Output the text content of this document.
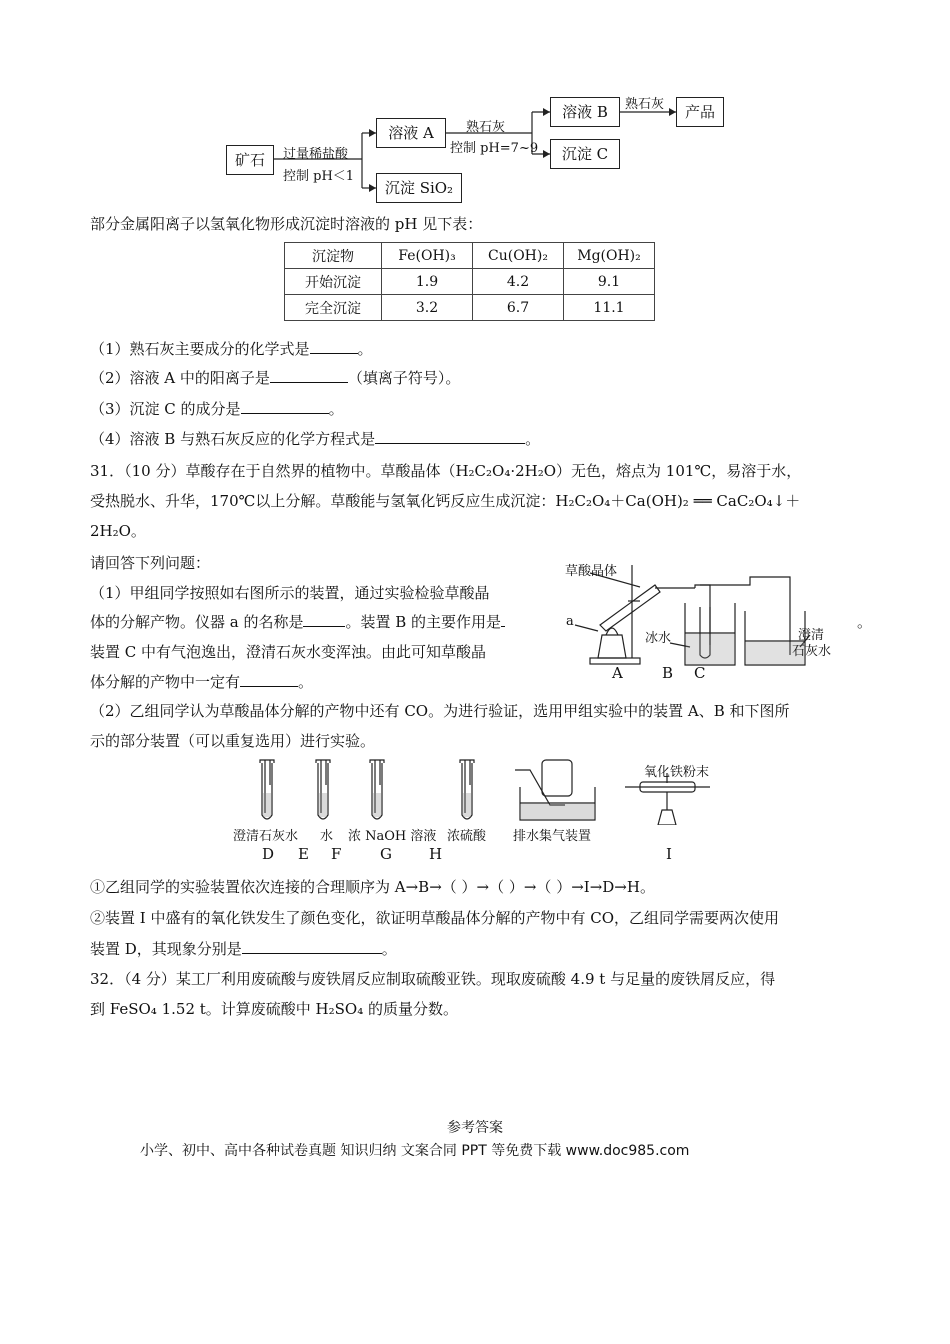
矿石	过量稀盐酸
控制 pH＜1
溶液 A
沉淀 SiO₂
熟石灰
控制 pH=7~9
溶液 B
沉淀 C
熟石灰	产品
部分金属阳离子以氢氧化物形成沉淀时溶液的 pH 见下表：
沉淀物	Fe(OH)₃	Cu(OH)₂	Mg(OH)₂
开始沉淀	1.9	4.2	9.1
完全沉淀	3.2	6.7	11.1
（1）熟石灰主要成分的化学式是	。
（2）溶液 A 中的阳离子是	（填离子符号）。
（3）沉淀 C 的成分是	。
（4）溶液 B 与熟石灰反应的化学方程式是	。
31．（10 分）草酸存在于自然界的植物中。草酸晶体（H₂C₂O₄·2H₂O）无色，熔点为 101℃，易溶于水，
受热脱水、升华，170℃以上分解。草酸能与氢氧化钙反应生成沉淀：H₂C₂O₄＋Ca(OH)₂ ══ CaC₂O₄↓＋
2H₂O。
请回答下列问题：
（1）甲组同学按照如右图所示的装置，通过实验检验草酸晶
体的分解产物。仪器 a 的名称是	。装置 B 的主要作用是	。
装置 C 中有气泡逸出，澄清石灰水变浑浊。由此可知草酸晶
体分解的产物中一定有	。
草酸晶体
a
冰水	澄清
石灰水
A	B C
（2）乙组同学认为草酸晶体分解的产物中还有 CO。为进行验证，选用甲组实验中的装置 A、B 和下图所
示的部分装置（可以重复选用）进行实验。
氧化铁粉末
澄清石灰水 水 浓 NaOH 溶液 浓硫酸 排水集气装置
D E F	G H	I
①乙组同学的实验装置依次连接的合理顺序为 A→B→（ ）→（ ）→（ ）→I→D→H。
②装置 I 中盛有的氧化铁发生了颜色变化，欲证明草酸晶体分解的产物中有 CO，乙组同学需要两次使用
装置 D，其现象分别是	。
32．（4 分）某工厂利用废硫酸与废铁屑反应制取硫酸亚铁。现取废硫酸 4.9 t 与足量的废铁屑反应，得
到 FeSO₄ 1.52 t。计算废硫酸中 H₂SO₄ 的质量分数。
参考答案
小学、初中、高中各种试卷真题 知识归纳 文案合同 PPT 等免费下载 www.doc985.com
